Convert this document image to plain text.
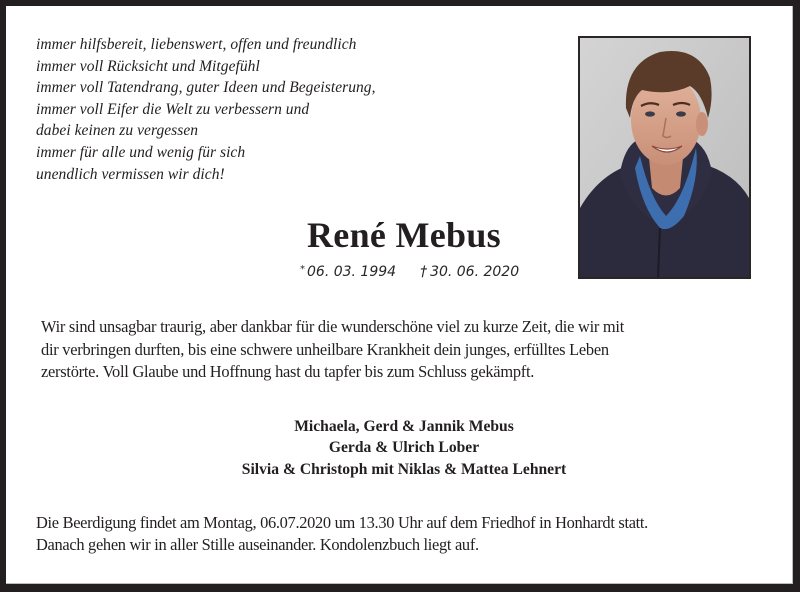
immer hilfsbereit, liebenswert, offen und freundlich
immer voll Rücksicht und Mitgefühl
immer voll Tatendrang, guter Ideen und Begeisterung,
immer voll Eifer die Welt zu verbessern und
dabei keinen zu vergessen
immer für alle und wenig für sich
unendlich vermissen wir dich!
René Mebus
* 06. 03. 1994 † 30. 06. 2020
Wir sind unsagbar traurig, aber dankbar für die wunderschöne viel zu kurze Zeit, die wir mit
dir verbringen durften, bis eine schwere unheilbare Krankheit dein junges, erfülltes Leben
zerstörte. Voll Glaube und Hoffnung hast du tapfer bis zum Schluss gekämpft.
Michaela, Gerd & Jannik Mebus
Gerda & Ulrich Lober
Silvia & Christoph mit Niklas & Mattea Lehnert
Die Beerdigung findet am Montag, 06.07.2020 um 13.30 Uhr auf dem Friedhof in Honhardt statt.
Danach gehen wir in aller Stille auseinander. Kondolenzbuch liegt auf.
